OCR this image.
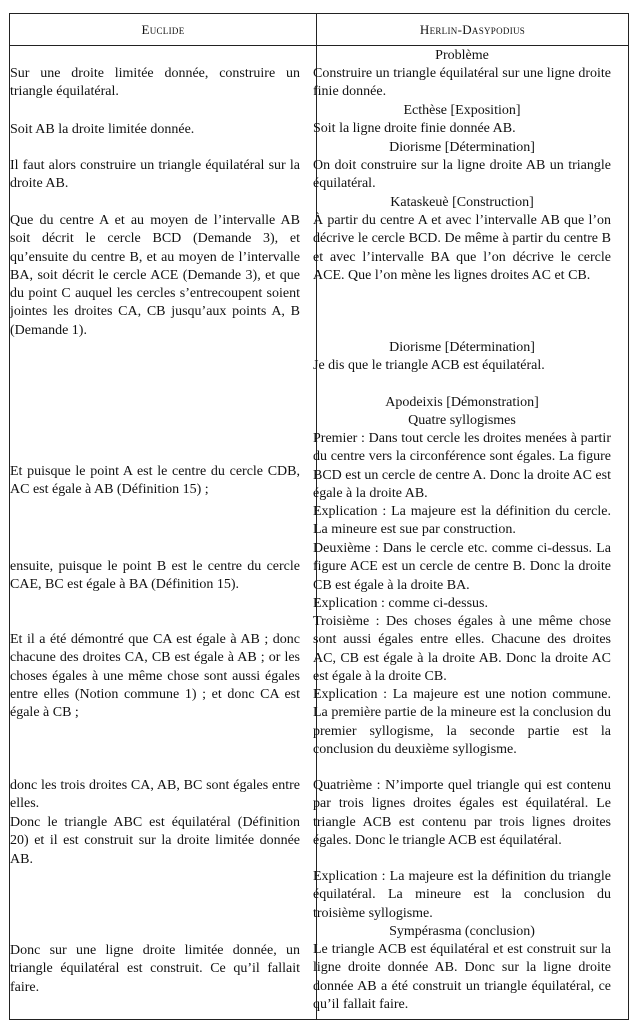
Euclide	Herlin-Dasypodius

Sur une droite limitée donnée, construire un triangle équilatéral.

Soit AB la droite limitée donnée.

Il faut alors construire un triangle équilatéral sur la droite AB.

Que du centre A et au moyen de l’intervalle AB soit décrit le cercle BCD (Demande 3), et qu’ensuite du centre B, et au moyen de l’intervalle BA, soit décrit le cercle ACE (Demande 3), et que du point C auquel les cercles s’entrecoupent soient jointes les droites CA, CB jusqu’aux points A, B (Demande 1).

Et puisque le point A est le centre du cercle CDB, AC est égale à AB (Définition 15) ;

ensuite, puisque le point B est le centre du cercle CAE, BC est égale à BA (Définition 15).

Et il a été démontré que CA est égale à AB ; donc chacune des droites CA, CB est égale à AB ; or les choses égales à une même chose sont aussi égales entre elles (Notion commune 1) ; et donc CA est égale à CB ;

donc les trois droites CA, AB, BC sont égales entre elles.

Donc le triangle ABC est équilatéral (Définition 20) et il est construit sur la droite limitée donnée AB.

Donc sur une ligne droite limitée donnée, un triangle équilatéral est construit. Ce qu’il fallait faire.

Problème

Construire un triangle équilatéral sur une ligne droite finie donnée.

Ecthèse [Exposition]

Soit la ligne droite finie donnée AB.

Diorisme [Détermination]

On doit construire sur la ligne droite AB un triangle équilatéral.

Kataskeuè [Construction]

À partir du centre A et avec l’intervalle AB que l’on décrive le cercle BCD. De même à partir du centre B et avec l’intervalle BA que l’on décrive le cercle ACE. Que l’on mène les lignes droites AC et CB.

Diorisme [Détermination]

Je dis que le triangle ACB est équilatéral.

Apodeixis [Démonstration]

Quatre syllogismes

Premier : Dans tout cercle les droites menées à partir du centre vers la circonférence sont égales. La figure BCD est un cercle de centre A. Donc la droite AC est égale à la droite AB.

Explication : La majeure est la définition du cercle. La mineure est sue par construction.

Deuxième : Dans le cercle etc. comme ci-dessus. La figure ACE est un cercle de centre B. Donc la droite CB est égale à la droite BA.

Explication : comme ci-dessus.

Troisième : Des choses égales à une même chose sont aussi égales entre elles. Chacune des droites AC, CB est égale à la droite AB. Donc la droite AC est égale à la droite CB.

Explication : La majeure est une notion commune. La première partie de la mineure est la conclusion du premier syllogisme, la seconde partie est la conclusion du deuxième syllogisme.

Quatrième : N’importe quel triangle qui est contenu par trois lignes droites égales est équilatéral. Le triangle ACB est contenu par trois lignes droites égales. Donc le triangle ACB est équilatéral.

Explication : La majeure est la définition du triangle équilatéral. La mineure est la conclusion du troisième syllogisme.

Sympérasma (conclusion)

Le triangle ACB est équilatéral et est construit sur la ligne droite donnée AB. Donc sur la ligne droite donnée AB a été construit un triangle équilatéral, ce qu’il fallait faire.
